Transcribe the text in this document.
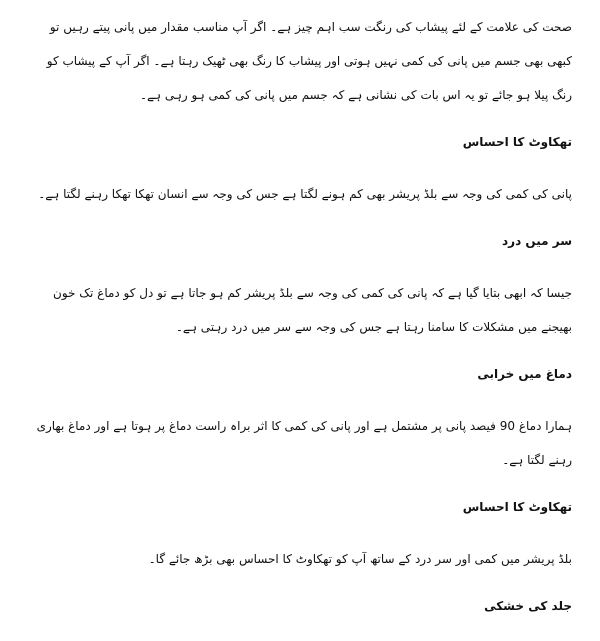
صحت کی علامت کے لئے پیشاب کی رنگت سب اہم چیز ہے۔ اگر آپ مناسب مقدار میں پانی پیتے رہیں تو کبھی بھی جسم میں پانی کی کمی نہیں ہوتی اور پیشاب کا رنگ بھی ٹھیک رہتا ہے۔ اگر آپ کے پیشاب کو رنگ پیلا ہو جائے تو یہ اس بات کی نشانی ہے کہ جسم میں پانی کی کمی ہو رہی ہے۔

تھکاوٹ کا احساس

پانی کی کمی کی وجہ سے بلڈ پریشر بھی کم ہونے لگتا ہے جس کی وجہ سے انسان تھکا تھکا رہنے لگتا ہے۔

سر میں درد

جیسا کہ ابھی بتایا گیا ہے کہ پانی کی کمی کی وجہ سے بلڈ پریشر کم ہو جاتا ہے تو دل کو دماغ تک خون بھیجنے میں مشکلات کا سامنا رہتا ہے جس کی وجہ سے سر میں درد رہتی ہے۔

دماغ میں خرابی

ہمارا دماغ 90 فیصد پانی پر مشتمل ہے اور پانی کی کمی کا اثر براہ راست دماغ پر ہوتا ہے اور دماغ بھاری رہنے لگتا ہے۔

تھکاوٹ کا احساس

بلڈ پریشر میں کمی اور سر درد کے ساتھ آپ کو تھکاوٹ کا احساس بھی بڑھ جائے گا۔

جلد کی خشکی
